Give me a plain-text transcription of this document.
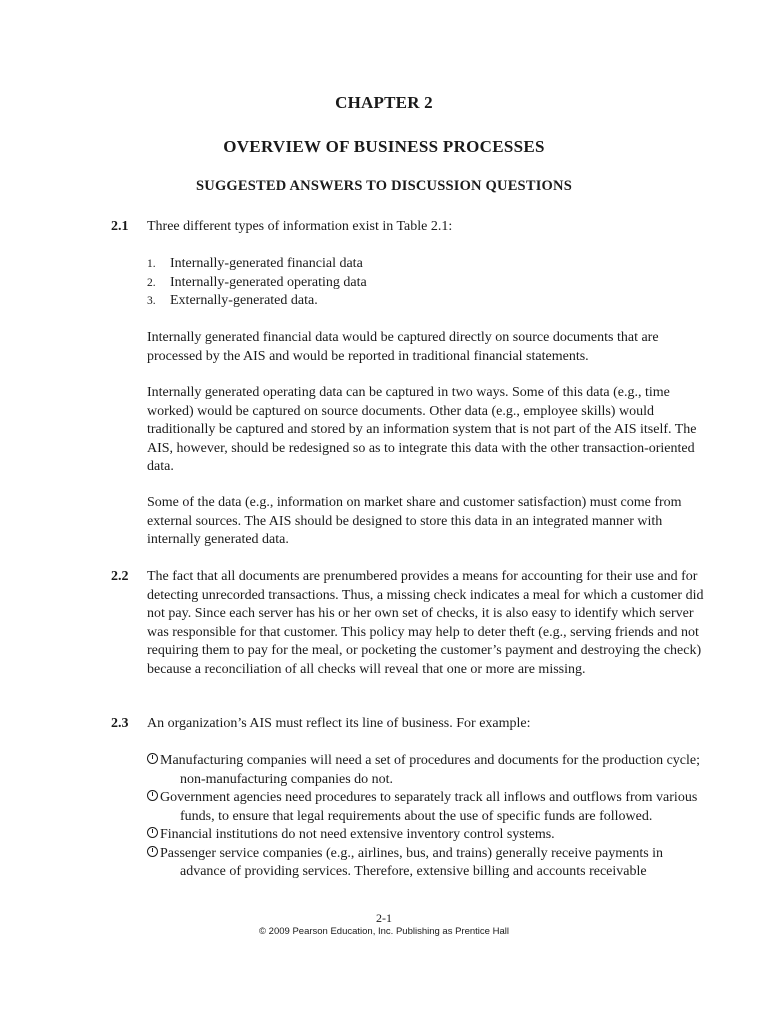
CHAPTER 2
OVERVIEW OF BUSINESS PROCESSES
SUGGESTED ANSWERS TO DISCUSSION QUESTIONS
2.1 Three different types of information exist in Table 2.1:

1. Internally-generated financial data
2. Internally-generated operating data
3. Externally-generated data.

Internally generated financial data would be captured directly on source documents that are processed by the AIS and would be reported in traditional financial statements.

Internally generated operating data can be captured in two ways. Some of this data (e.g., time worked) would be captured on source documents. Other data (e.g., employee skills) would traditionally be captured and stored by an information system that is not part of the AIS itself. The AIS, however, should be redesigned so as to integrate this data with the other transaction-oriented data.

Some of the data (e.g., information on market share and customer satisfaction) must come from external sources. The AIS should be designed to store this data in an integrated manner with internally generated data.

2.2 The fact that all documents are prenumbered provides a means for accounting for their use and for detecting unrecorded transactions. Thus, a missing check indicates a meal for which a customer did not pay. Since each server has his or her own set of checks, it is also easy to identify which server was responsible for that customer. This policy may help to deter theft (e.g., serving friends and not requiring them to pay for the meal, or pocketing the customer’s payment and destroying the check) because a reconciliation of all checks will reveal that one or more are missing.

2.3 An organization’s AIS must reflect its line of business. For example:

Manufacturing companies will need a set of procedures and documents for the production cycle; non-manufacturing companies do not.
Government agencies need procedures to separately track all inflows and outflows from various funds, to ensure that legal requirements about the use of specific funds are followed.
Financial institutions do not need extensive inventory control systems.
Passenger service companies (e.g., airlines, bus, and trains) generally receive payments in advance of providing services. Therefore, extensive billing and accounts receivable

2-1

© 2009 Pearson Education, Inc. Publishing as Prentice Hall
